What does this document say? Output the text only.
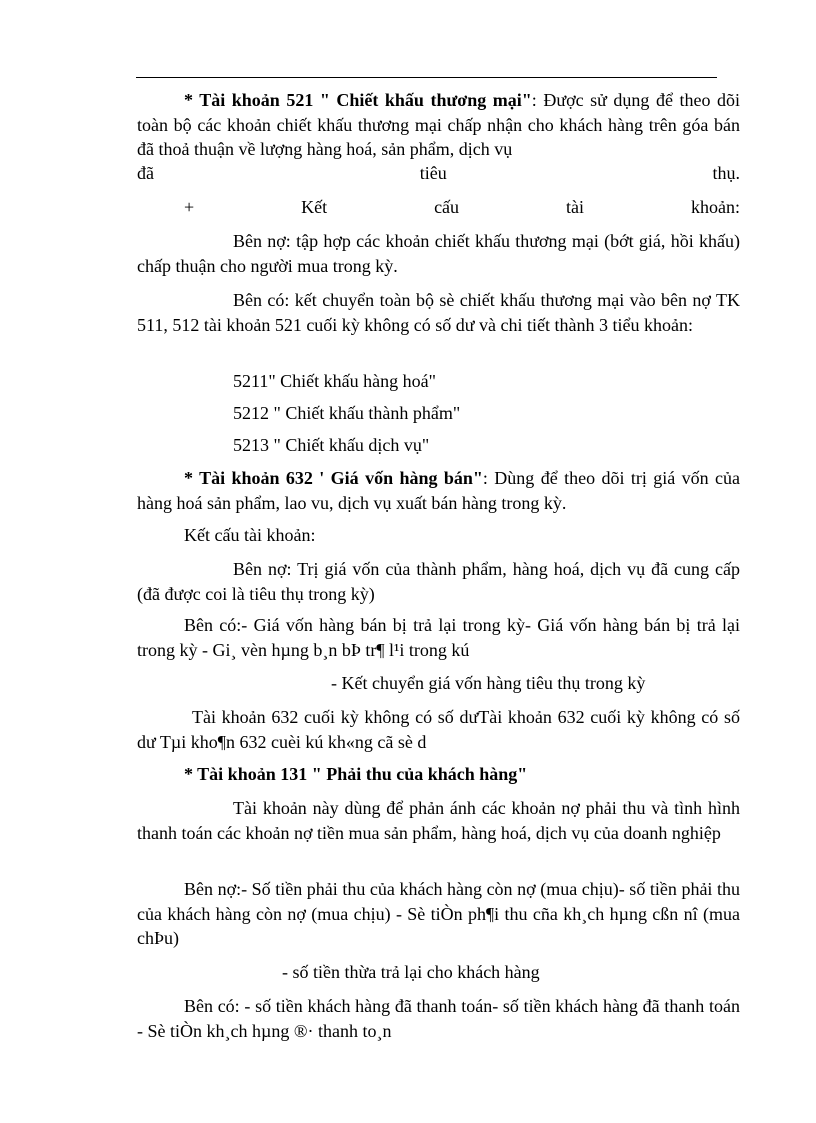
* Tài khoản 521 " Chiết khấu thương mại": Được sử dụng để theo dõi toàn bộ các khoản chiết khấu thương mại chấp nhận cho khách hàng trên góa bán đã thoả thuận về lượng hàng hoá, sản phẩm, dịch vụ

đã	tiêu	thụ.
+	Kết	cấu	tài	khoản:

Bên nợ: tập hợp các khoản chiết khấu thương mại (bớt giá, hồi khấu) chấp thuận cho người mua trong kỳ.

Bên có: kết chuyển toàn bộ sè chiết khấu thương mại vào bên nợ TK 511, 512 tài khoản 521 cuối kỳ không có số dư và chi tiết thành 3 tiểu khoản:

5211" Chiết khấu hàng hoá"

5212 " Chiết khấu thành phẩm"

5213 " Chiết khấu dịch vụ"

* Tài khoản 632 ' Giá vốn hàng bán": Dùng để theo dõi trị giá vốn của hàng hoá sản phẩm, lao vu, dịch vụ xuất bán hàng trong kỳ.

Kết cấu tài khoản:

Bên nợ: Trị giá vốn của thành phẩm, hàng hoá, dịch vụ đã cung cấp (đã được coi là tiêu thụ trong kỳ)

Bên có:- Giá vốn hàng bán bị trả lại trong kỳ- Giá vốn hàng bán bị trả lại trong kỳ - Gi¸ vèn hµng b¸n bÞ tr¶ l¹i trong kú

- Kết chuyển giá vốn hàng tiêu thụ trong kỳ

Tài khoản 632 cuối kỳ không có số dưTài khoản 632 cuối kỳ không có số dư Tµi kho¶n 632 cuèi kú kh«ng cã sè d

* Tài khoản 131 " Phải thu của khách hàng"

Tài khoản này dùng để phản ánh các khoản nợ phải thu và tình hình thanh toán các khoản nợ tiền mua sản phẩm, hàng hoá, dịch vụ của doanh nghiệp

Bên nợ:- Số tiền phải thu của khách hàng còn nợ (mua chịu)- số tiền phải thu của khách hàng còn nợ (mua chịu) - Sè tiÒn ph¶i thu cña kh¸ch hµng cßn nî (mua chÞu)

- số tiền thừa trả lại cho khách hàng

Bên có: - số tiền khách hàng đã thanh toán- số tiền khách hàng đã thanh toán - Sè tiÒn kh¸ch hµng ®· thanh to¸n
